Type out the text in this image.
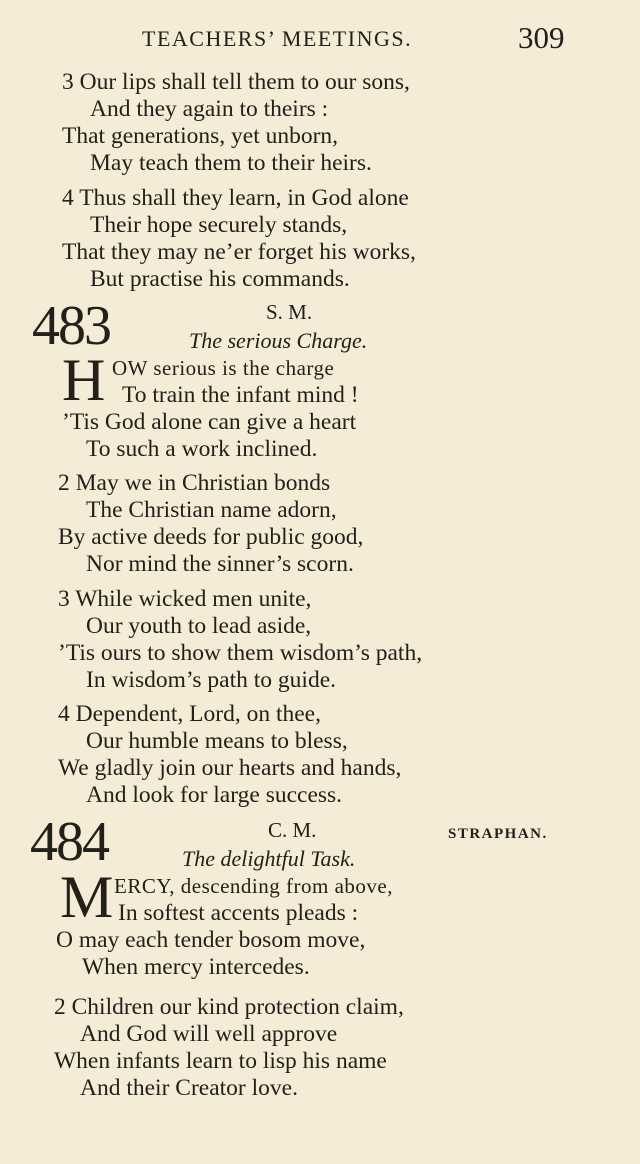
TEACHERS’ MEETINGS.	309
3 Our lips shall tell them to our sons,
And they again to theirs :
That generations, yet unborn,
May teach them to their heirs.
4 Thus shall they learn, in God alone
Their hope securely stands,
That they may ne’er forget his works,
But practise his commands.
483	S. M.
The serious Charge.
H OW serious is the charge
To train the infant mind !
’Tis God alone can give a heart
To such a work inclined.
2 May we in Christian bonds
The Christian name adorn,
By active deeds for public good,
Nor mind the sinner’s scorn.
3 While wicked men unite,
Our youth to lead aside,
’Tis ours to show them wisdom’s path,
In wisdom’s path to guide.
4 Dependent, Lord, on thee,
Our humble means to bless,
We gladly join our hearts and hands,
And look for large success.
484	C. M.	STRAPHAN.
The delightful Task.
M ERCY, descending from above,
In softest accents pleads :
O may each tender bosom move,
When mercy intercedes.
2 Children our kind protection claim,
And God will well approve
When infants learn to lisp his name
And their Creator love.
